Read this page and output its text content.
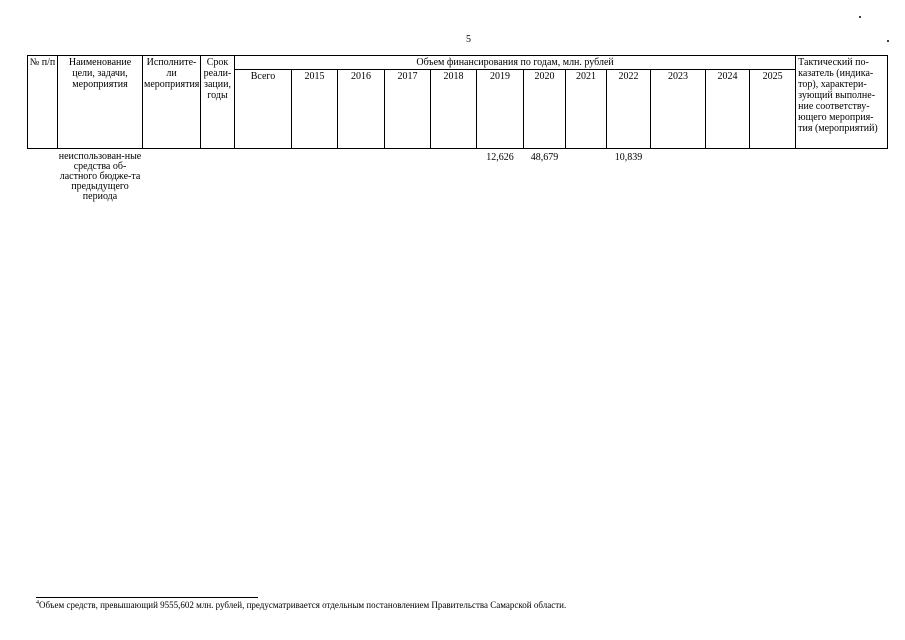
5
№ п/п	Наименование цели, задачи, мероприятия	Исполните-ли мероприятия	Срок реали-зации, годы	Объем финансирования по годам, млн. рублей												Тактический по-казатель (индика-тор), характери-зующий выполне-ние соответству-ющего мероприя-тия (мероприятий)
				Всего	2015	2016	2017	2018	2019	2020	2021	2022	2023	2024	2025	
	неиспользован-ные средства об-ластного бюдже-та предыдущего периода								12,626	48,679		10,839				
$^4$Объем средств, превышающий 9555,602 млн. рублей, предусматривается отдельным постановлением Правительства Самарской области.
